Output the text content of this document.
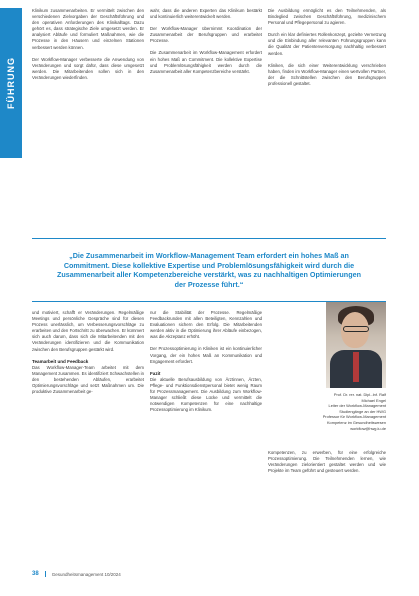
FÜHRUNG

Klinikum zusammenarbeiten. Er vermittelt zwischen den verschiedenen Zielvorgaben der Geschäftsführung und den operativen Anforderungen des Klinikalltags. Dazu gehört es, dass strategische Ziele umgesetzt werden. Er analysiert Abläufe und formuliert Maßnahmen, wie die Prozesse in den Häusern und einzelnen Stationen verbessert werden können.

Der Workflow-Manager verbesserte die Anwendung von Veränderungen und sorgt dafür, dass diese umgesetzt werden. Die Mitarbeitenden sollen sich in den Veränderungen wiederfinden.

wahr, dass die anderen Experten das Klinikum bestärkt und kontinuierlich weiterentwickelt werden.

Der Workflow-Manager übernimmt Koordination der Zusammenarbeit der Berufsgruppen und erarbeitet Prozesse.

Die Zusammenarbeit im Workflow-Management erfordert ein hohes Maß an Commitment. Die kollektive Expertise und Problemlösungsfähigkeit werden durch die Zusammenarbeit aller Kompetenzbereiche verstärkt.

Die Ausbildung ermöglicht es den Teilnehmenden, als Bindeglied zwischen Geschäftsführung, medizinischem Personal und Pflegepersonal zu agieren.

Durch ein klar definiertes Rollenkonzept, gezielte Vernetzung und die Einbindung aller relevanten Führungsgruppen kann die Qualität der Patientenversorgung nachhaltig verbessert werden.

Kliniken, die sich einer Weiterentwicklung verschrieben haben, finden im Workflow-Manager einen wertvollen Partner, der die Schnittstellen zwischen den Berufsgruppen professionell gestaltet.

„Die Zusammenarbeit im Workflow-Management Team erfordert ein hohes Maß an Commitment. Diese kollektive Expertise und Problemlösungsfähigkeit wird durch die Zusammenarbeit aller Kompetenzbereiche verstärkt, was zu nachhaltigen Optimierungen der Prozesse führt.“

und motiviert, schafft er Veränderungen. Regelmäßige Meetings und persönliche Gespräche sind für diesen Prozess unerlässlich, um Verbesserungsvorschläge zu erarbeiten und den Fortschritt zu überwachen. Er kümmert sich auch darum, dass sich die Mitarbeitenden mit den Veränderungen identifizieren und die Kommunikation zwischen den Berufsgruppen gestärkt wird.

Teamarbeit und Feedback

Das Workflow-Manager-Team arbeitet mit dem Management zusammen. Es identifiziert Schwachstellen in den bestehenden Abläufen, erarbeitet Optimierungsvorschläge und setzt Maßnahmen um. Die produktive Zusammenarbeit ge-

nur die Stabilität der Prozesse. Regelmäßige Feedbackrunden mit allen Beteiligten, Kennzahlen und Evaluationen sichern den Erfolg. Die Mitarbeitenden werden aktiv in die Optimierung ihrer Abläufe einbezogen, was die Akzeptanz erhöht.

Der Prozessoptimierung in Kliniken ist ein kontinuierlicher Vorgang, der ein hohes Maß an Kommunikation und Engagement erfordert.

Fazit

Die aktuelle Berufsausbildung von Ärztinnen, Ärzten, Pflege- und Funktionsdienstpersonal bietet wenig Raum für Prozessmanagement. Die Ausbildung zum Workflow-Manager schließt diese Lücke und vermittelt die notwendigen Kompetenzen für eine nachhaltige Prozessoptimierung im Klinikum.

Prof. Dr. rer. nat. Dipl.-Inf. Ralf

Michael Engel

Leiter der Workflow-Management

Studiengänge an der HWG

Professor für Workflow-Management

Kompetenz im Gesundheitswesen

workflow@hwg.lu.de

Kompetenzen, zu erwerben, für eine erfolgreiche Prozessoptimierung. Die Teilnehmenden lernen, wie Veränderungen zielorientiert gestaltet werden und wie Projekte im Team geführt und gesteuert werden.

38	Gesundheitsmanagement 10/2024
